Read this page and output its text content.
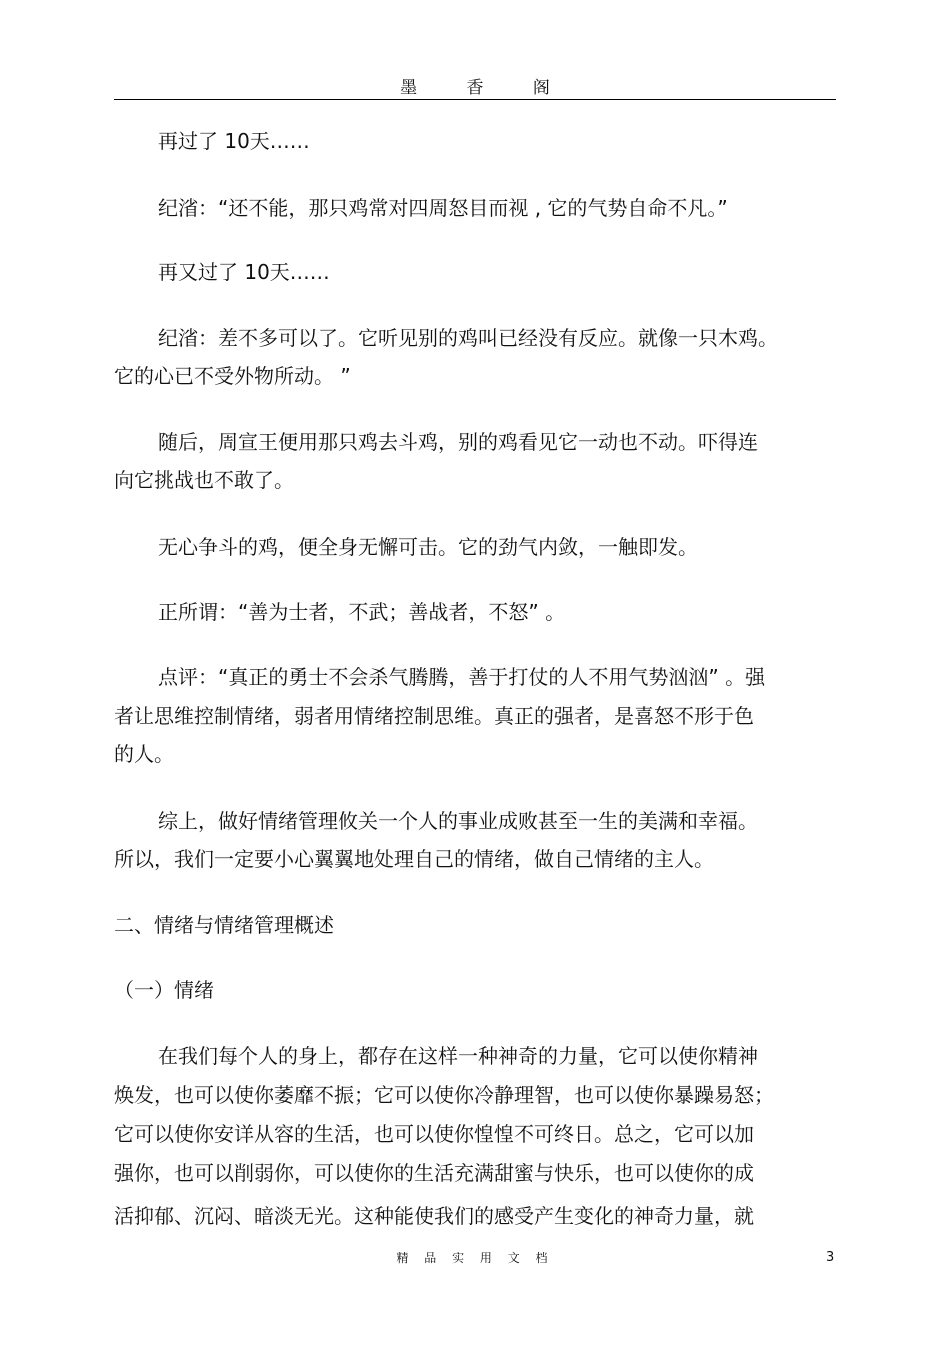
墨 香 阁
再过了 10天……
纪渻：“还不能，那只鸡常对四周怒目而视 , 它的气势自命不凡。”
再又过了 10天……
纪渻：差不多可以了。它听见别的鸡叫已经没有反应。就像一只木鸡。
它的心已不受外物所动。 ”
随后，周宣王便用那只鸡去斗鸡，别的鸡看见它一动也不动。吓得连
向它挑战也不敢了。
无心争斗的鸡，便全身无懈可击。它的劲气内敛，一触即发。
正所谓：“善为士者，不武；善战者，不怒” 。
点评：“真正的勇士不会杀气腾腾，善于打仗的人不用气势汹汹” 。强
者让思维控制情绪，弱者用情绪控制思维。真正的强者，是喜怒不形于色
的人。
综上，做好情绪管理攸关一个人的事业成败甚至一生的美满和幸福。
所以，我们一定要小心翼翼地处理自己的情绪，做自己情绪的主人。
二、情绪与情绪管理概述
（一）情绪
在我们每个人的身上，都存在这样一种神奇的力量，它可以使你精神
焕发，也可以使你萎靡不振；它可以使你冷静理智，也可以使你暴躁易怒；
它可以使你安详从容的生活，也可以使你惶惶不可终日。总之，它可以加
强你，也可以削弱你，可以使你的生活充满甜蜜与快乐，也可以使你的成
活抑郁、沉闷、暗淡无光。这种能使我们的感受产生变化的神奇力量，就
精 品 实 用 文 档	3
